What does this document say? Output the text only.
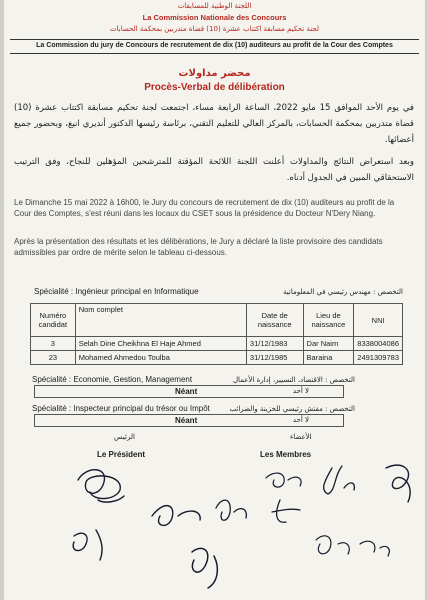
اللجنة الوطنية للمسابقات
La Commission Nationale des Concours
لجنة تحكيم مسابقة اكتتاب عشرة (10) قضاة متدربين بمحكمة الحسابات
La Commission du jury de Concours de recrutement de dix (10) auditeurs au profit de la Cour des Comptes
محضر مداولات
Procès-Verbal de délibération
في يوم الأحد الموافق 15 مايو 2022، الساعة الرابعة مساء، اجتمعت لجنة تحكيم مسابقة اكتتاب عشرة (10) قضاة متدربين بمحكمة الحسابات، بالمركز العالي للتعليم التقني، برئاسة رئيسها الدكتور أنديري انيغ، وبحضور جميع أعضائها.
وبعد استعراض النتائج والمداولات أعلنت اللجنة اللائحة المؤقتة للمترشحين المؤهلين للنجاح، وفق الترتيب الاستحقاقي المبين في الجدول أدناه.
Le Dimanche 15 mai 2022 à 16h00, le Jury du concours de recrutement de dix (10) auditeurs au profit de la Cour des Comptes, s'est réuni dans les locaux du CSET sous la présidence du Docteur N'Dery Niang.
Après la présentation des résultats et les délibérations, le Jury a déclaré la liste provisoire des candidats admissibles par ordre de mérite selon le tableau ci-dessous.
Spécialité : Ingénieur principal en Informatique	التخصص : مهندس رئيسي في المعلوماتية
Numéro candidat	Nom complet	Date de naissance	Lieu de naissance	NNI
3	Selah Dine Cheikhna El Haje Ahmed	31/12/1983	Dar Naim	8338004086
23	Mohamed Ahmedou Toulba	31/12/1985	Baraina	2491309783
Spécialité : Economie, Gestion, Management	التخصص : الاقتصاد، التسيير، إدارة الأعمال
Néant	لا أحد
Spécialité : Inspecteur principal du trésor ou Impôt	التخصص : مفتش رئيسي للخزينة والضرائب
Néant	لا أحد
الرئيس	الأعضاء
Le Président	Les Membres
